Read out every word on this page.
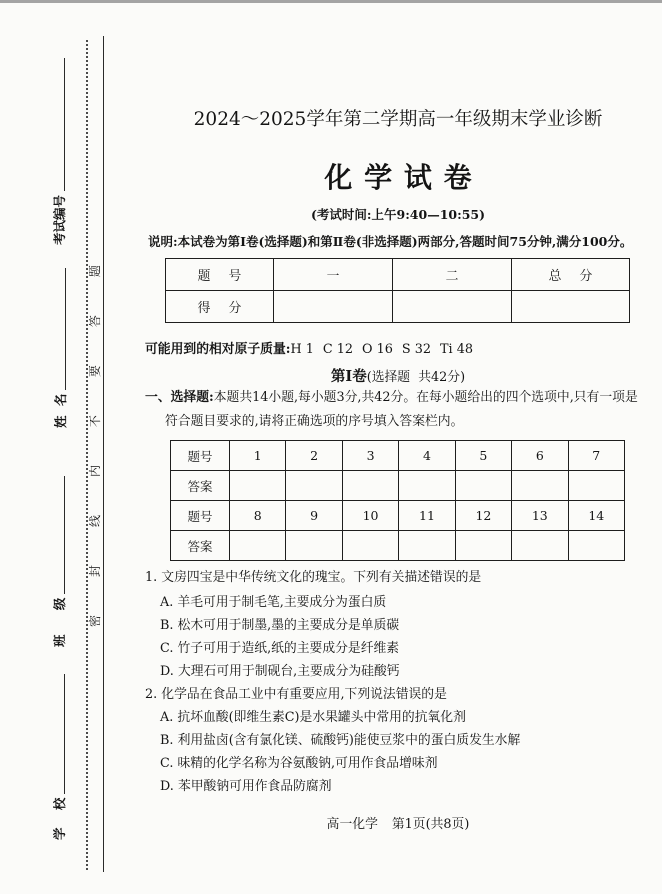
考试编号
姓 名
班 级
学 校
密
封
线
内
不
要
答
题
2024～2025学年第二学期高一年级期末学业诊断
化 学 试 卷
(考试时间:上午9:40—10:55)
说明:本试卷为第Ⅰ卷(选择题)和第Ⅱ卷(非选择题)两部分,答题时间75分钟,满分100分。
题 号	一	二	总 分
得 分			
可能用到的相对原子质量:H 1 C 12 O 16 S 32 Ti 48
第Ⅰ卷(选择题  共42分)
一、选择题:本题共14小题,每小题3分,共42分。在每小题给出的四个选项中,只有一项是
符合题目要求的,请将正确选项的序号填入答案栏内。
题号	1	2	3	4	5	6	7
答案							
题号	8	9	10	11	12	13	14
答案							
1. 文房四宝是中华传统文化的瑰宝。下列有关描述错误的是
A. 羊毛可用于制毛笔,主要成分为蛋白质
B. 松木可用于制墨,墨的主要成分是单质碳
C. 竹子可用于造纸,纸的主要成分是纤维素
D. 大理石可用于制砚台,主要成分为硅酸钙
2. 化学品在食品工业中有重要应用,下列说法错误的是
A. 抗坏血酸(即维生素C)是水果罐头中常用的抗氧化剂
B. 利用盐卤(含有氯化镁、硫酸钙)能使豆浆中的蛋白质发生水解
C. 味精的化学名称为谷氨酸钠,可用作食品增味剂
D. 苯甲酸钠可用作食品防腐剂
高一化学 第1页(共8页)
